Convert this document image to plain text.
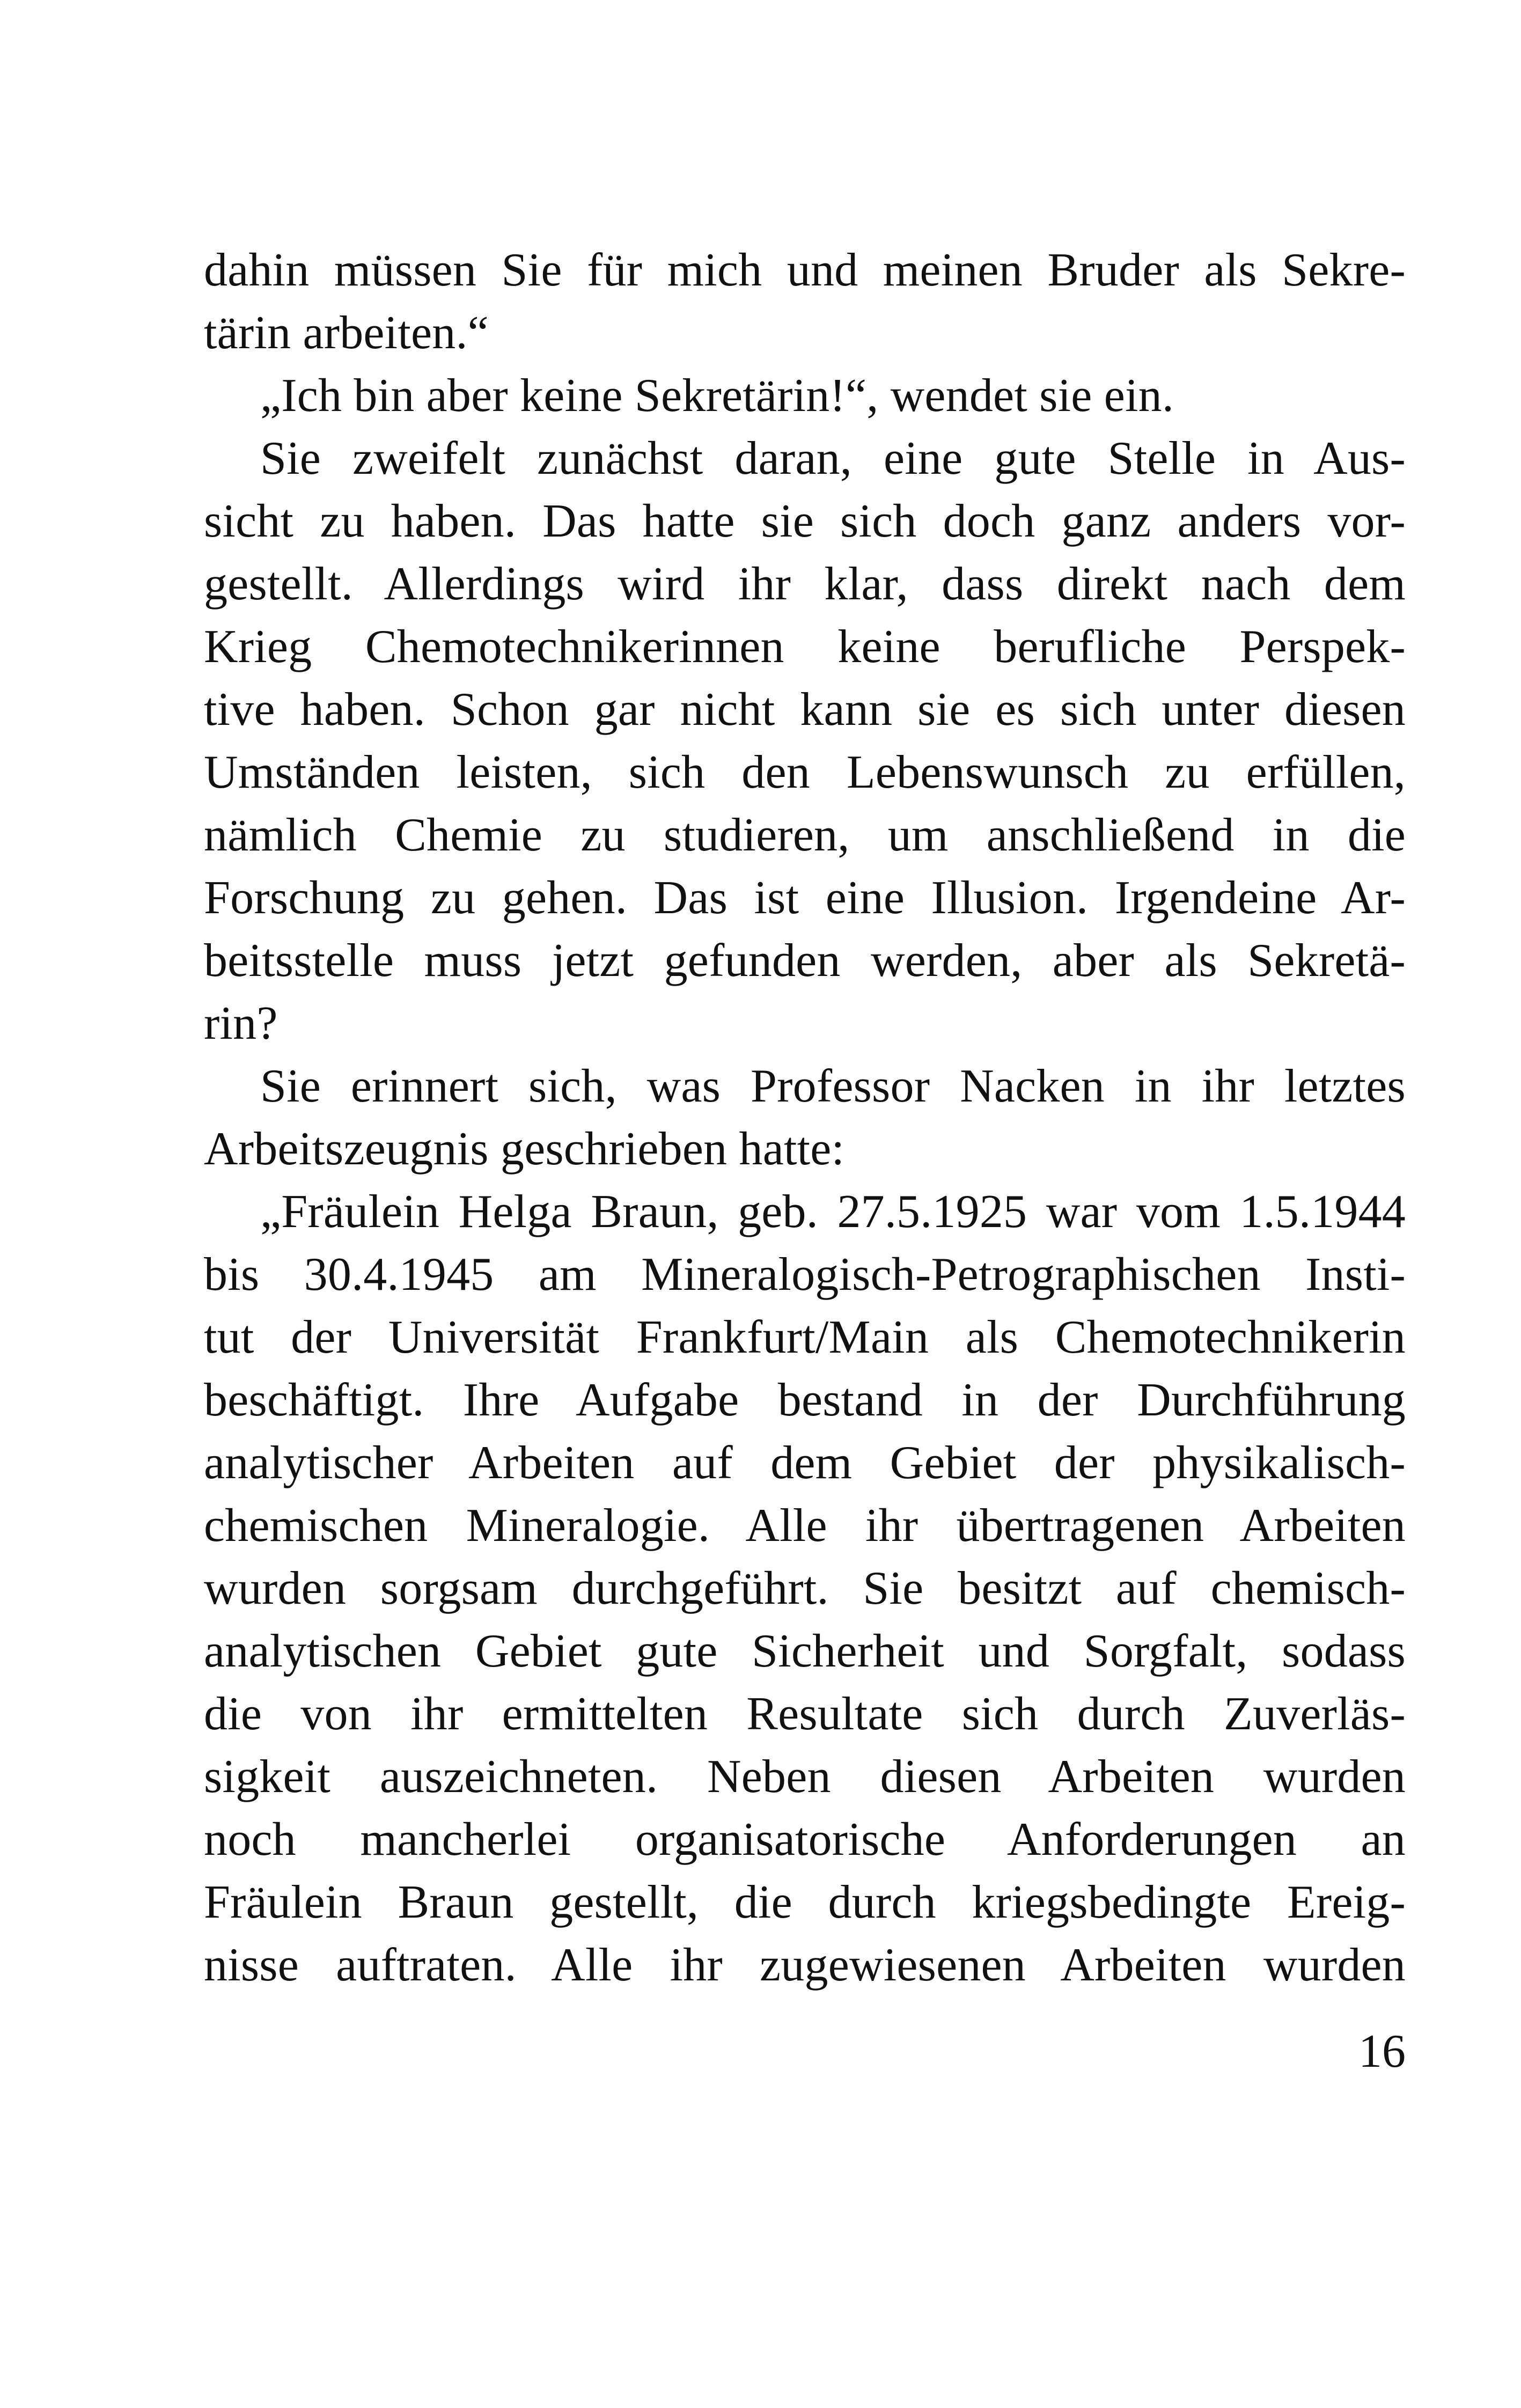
dahin müssen Sie für mich und meinen Bruder als Sekre-
tärin arbeiten.“
„Ich bin aber keine Sekretärin!“, wendet sie ein.
Sie zweifelt zunächst daran, eine gute Stelle in Aus-
sicht zu haben. Das hatte sie sich doch ganz anders vor-
gestellt. Allerdings wird ihr klar, dass direkt nach dem
Krieg Chemotechnikerinnen keine berufliche Perspek-
tive haben. Schon gar nicht kann sie es sich unter diesen
Umständen leisten, sich den Lebenswunsch zu erfüllen,
nämlich Chemie zu studieren, um anschließend in die
Forschung zu gehen. Das ist eine Illusion. Irgendeine Ar-
beitsstelle muss jetzt gefunden werden, aber als Sekretä-
rin?
Sie erinnert sich, was Professor Nacken in ihr letztes
Arbeitszeugnis geschrieben hatte:
„Fräulein Helga Braun, geb. 27.5.1925 war vom 1.5.1944
bis 30.4.1945 am Mineralogisch-Petrographischen Insti-
tut der Universität Frankfurt/Main als Chemotechnikerin
beschäftigt. Ihre Aufgabe bestand in der Durchführung
analytischer Arbeiten auf dem Gebiet der physikalisch-
chemischen Mineralogie. Alle ihr übertragenen Arbeiten
wurden sorgsam durchgeführt. Sie besitzt auf chemisch-
analytischen Gebiet gute Sicherheit und Sorgfalt, sodass
die von ihr ermittelten Resultate sich durch Zuverläs-
sigkeit auszeichneten. Neben diesen Arbeiten wurden
noch mancherlei organisatorische Anforderungen an
Fräulein Braun gestellt, die durch kriegsbedingte Ereig-
nisse auftraten. Alle ihr zugewiesenen Arbeiten wurden
16
